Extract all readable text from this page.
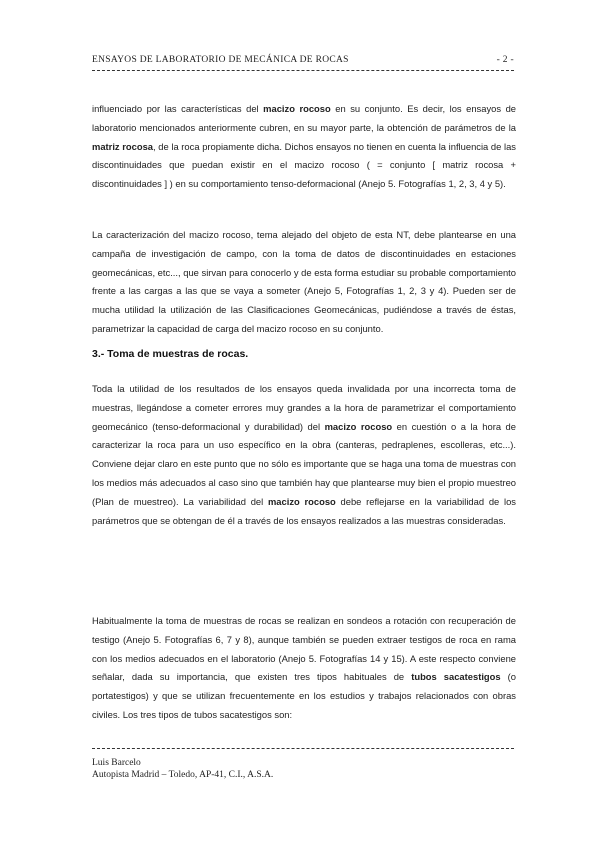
ENSAYOS DE LABORATORIO DE MECÁNICA DE ROCAS	- 2 -
influenciado por las características del macizo rocoso en su conjunto. Es decir, los ensayos de laboratorio mencionados anteriormente cubren, en su mayor parte, la obtención de parámetros de la matriz rocosa, de la roca propiamente dicha. Dichos ensayos no tienen en cuenta la influencia de las discontinuidades que puedan existir en el macizo rocoso ( = conjunto [ matriz rocosa + discontinuidades ] ) en su comportamiento tenso-deformacional (Anejo 5. Fotografías 1, 2, 3, 4 y 5).
La caracterización del macizo rocoso, tema alejado del objeto de esta NT, debe plantearse en una campaña de investigación de campo, con la toma de datos de discontinuidades en estaciones geomecánicas, etc..., que sirvan para conocerlo y de esta forma estudiar su probable comportamiento frente a las cargas a las que se vaya a someter (Anejo 5, Fotografías 1, 2, 3 y 4). Pueden ser de mucha utilidad la utilización de las Clasificaciones Geomecánicas, pudiéndose a través de éstas, parametrizar la capacidad de carga del macizo rocoso en su conjunto.
3.- Toma de muestras de rocas.
Toda la utilidad de los resultados de los ensayos queda invalidada por una incorrecta toma de muestras, llegándose a cometer errores muy grandes a la hora de parametrizar el comportamiento geomecánico (tenso-deformacional y durabilidad) del macizo rocoso en cuestión o a la hora de caracterizar la roca para un uso específico en la obra (canteras, pedraplenes, escolleras, etc...). Conviene dejar claro en este punto que no sólo es importante que se haga una toma de muestras con los medios más adecuados al caso sino que también hay que plantearse muy bien el propio muestreo (Plan de muestreo). La variabilidad del macizo rocoso debe reflejarse en la variabilidad de los parámetros que se obtengan de él a través de los ensayos realizados a las muestras consideradas.
Habitualmente la toma de muestras de rocas se realizan en sondeos a rotación con recuperación de testigo (Anejo 5. Fotografías 6, 7 y 8), aunque también se pueden extraer testigos de roca en rama con los medios adecuados en el laboratorio (Anejo 5. Fotografías 14 y 15). A este respecto conviene señalar, dada su importancia, que existen tres tipos habituales de tubos sacatestigos (o portatestigos) y que se utilizan frecuentemente en los estudios y trabajos relacionados con obras civiles. Los tres tipos de tubos sacatestigos son:
Luis Barcelo
Autopista Madrid – Toledo, AP-41, C.I., A.S.A.
